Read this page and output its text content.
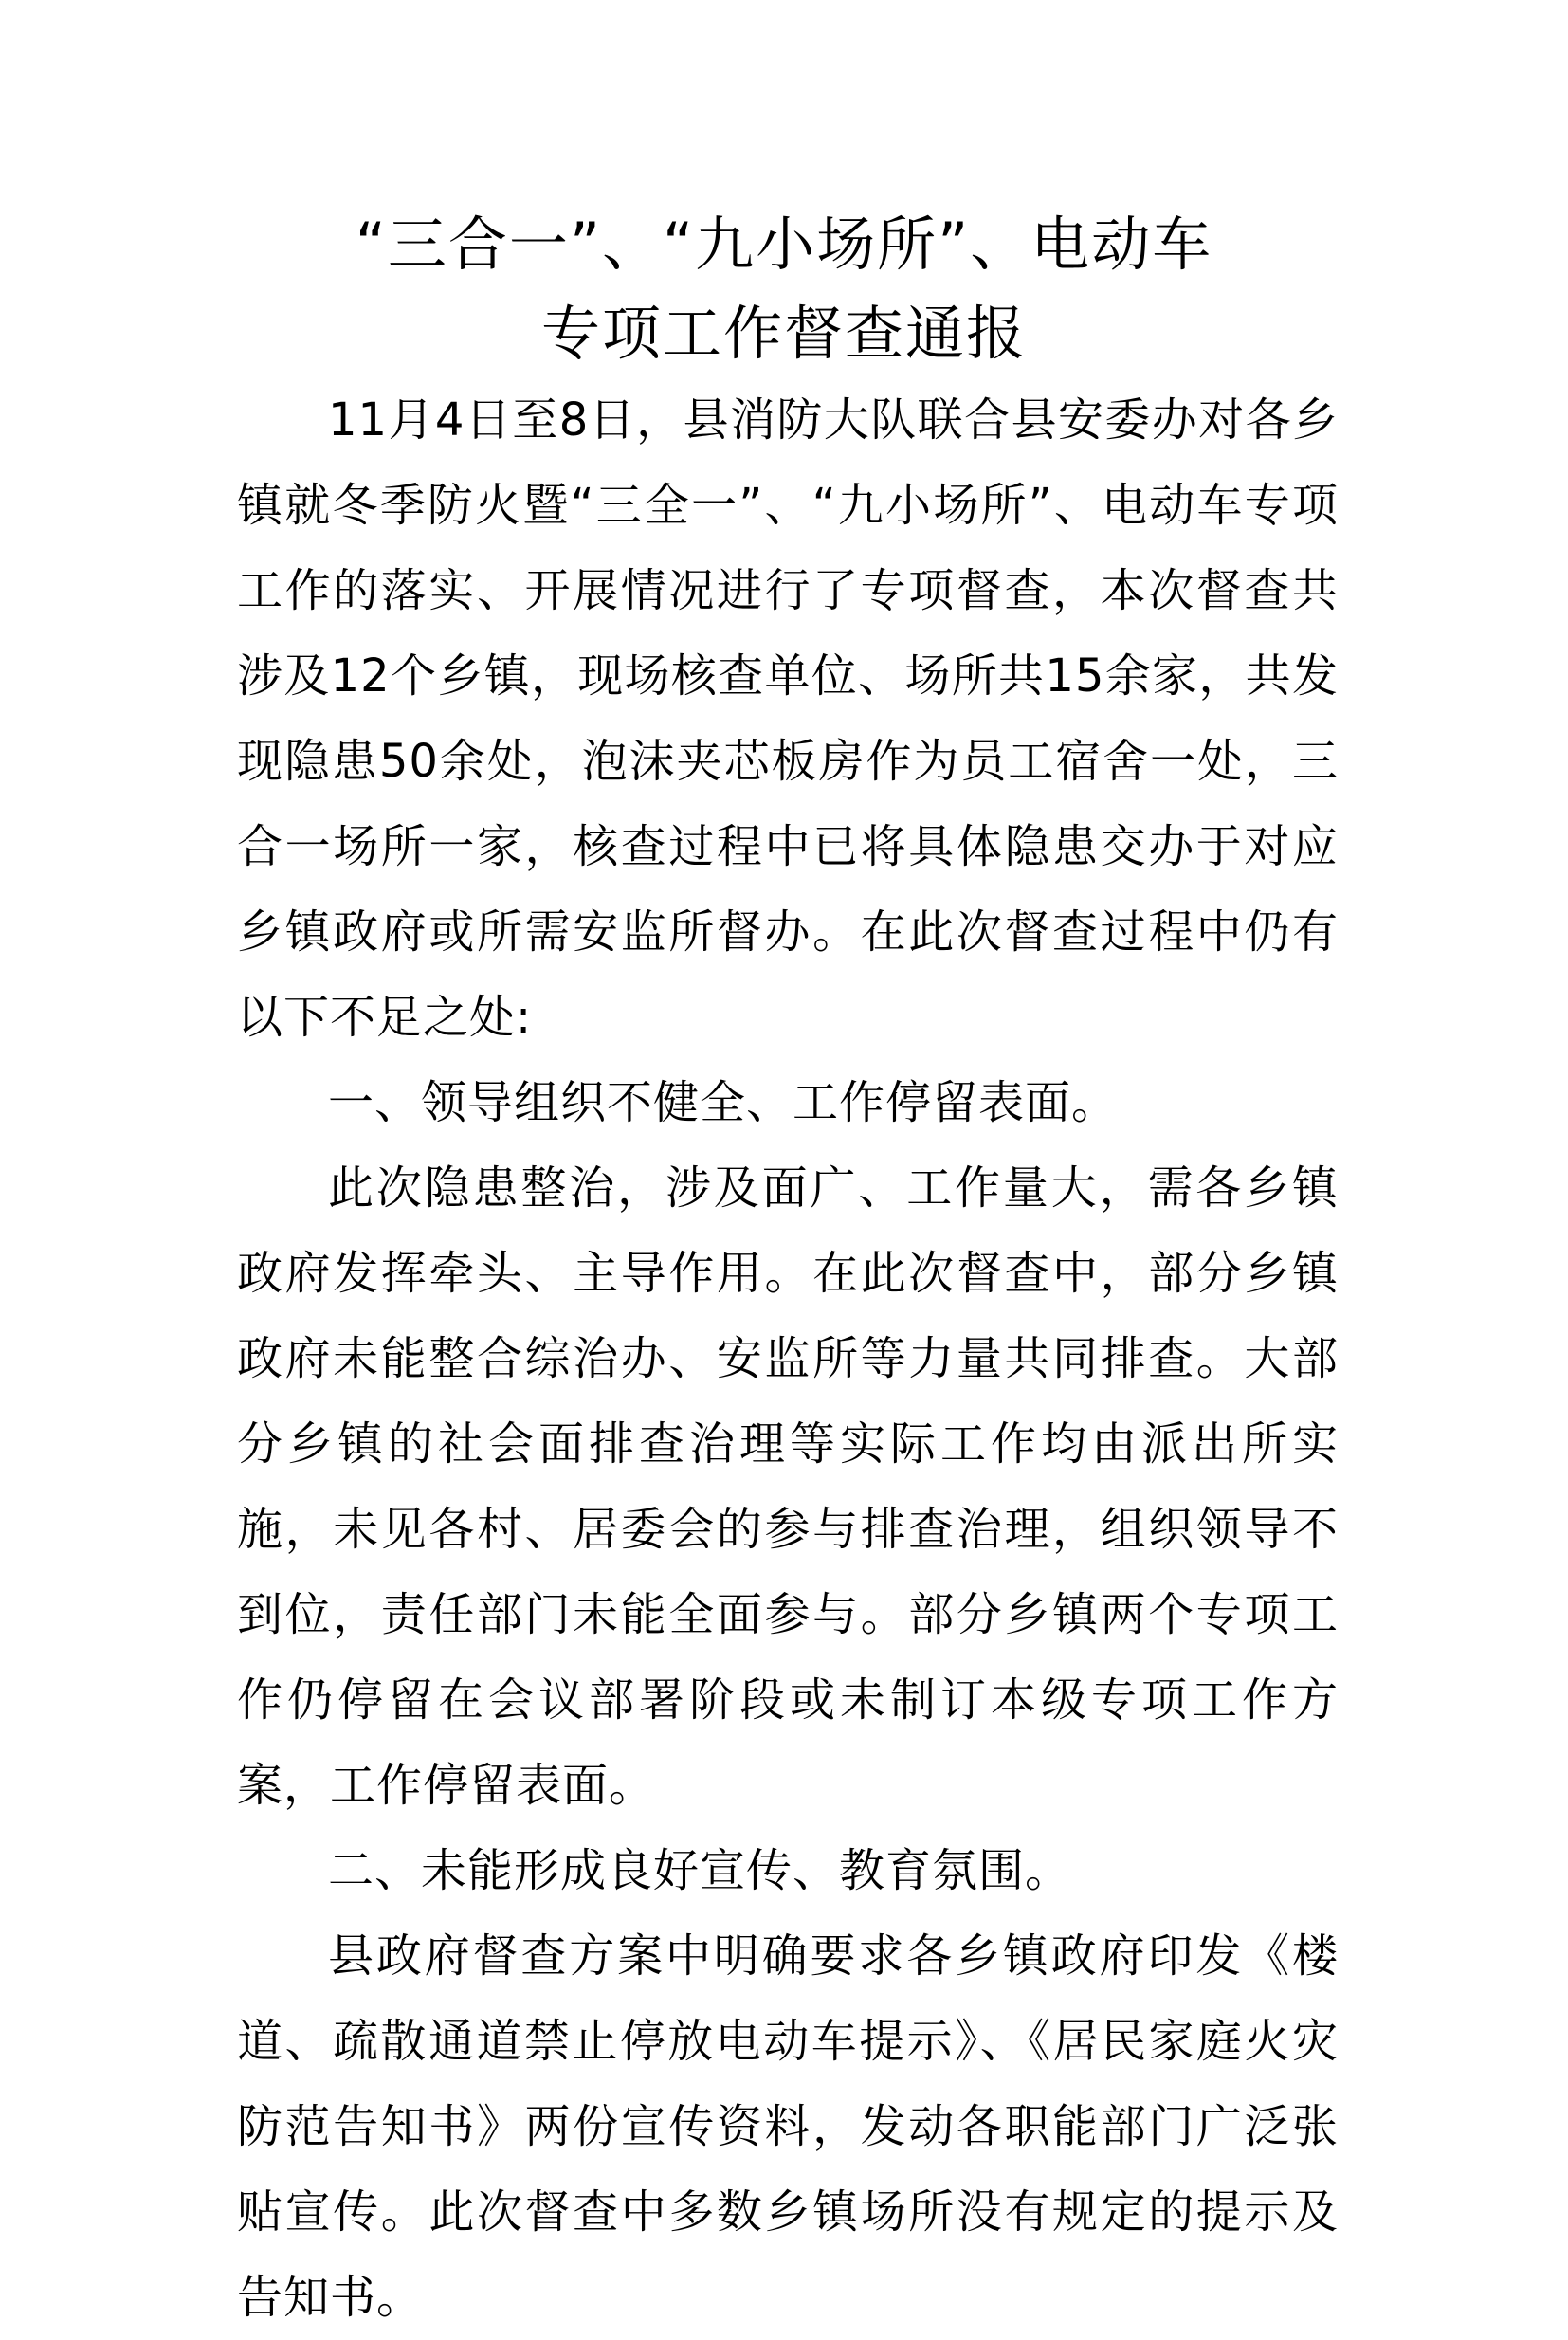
“三合一”、“九小场所”、电动车
专项工作督查通报

11月4日至8日，县消防大队联合县安委办对各乡镇就冬季防火暨“三全一”、“九小场所”、电动车专项工作的落实、开展情况进行了专项督查，本次督查共涉及12个乡镇，现场核查单位、场所共15余家，共发现隐患50余处，泡沫夹芯板房作为员工宿舍一处，三合一场所一家，核查过程中已将具体隐患交办于对应乡镇政府或所需安监所督办。在此次督查过程中仍有以下不足之处:

一、领导组织不健全、工作停留表面。

此次隐患整治，涉及面广、工作量大，需各乡镇政府发挥牵头、主导作用。在此次督查中，部分乡镇政府未能整合综治办、安监所等力量共同排查。大部分乡镇的社会面排查治理等实际工作均由派出所实施，未见各村、居委会的参与排查治理，组织领导不到位，责任部门未能全面参与。部分乡镇两个专项工作仍停留在会议部署阶段或未制订本级专项工作方案，工作停留表面。

二、未能形成良好宣传、教育氛围。

县政府督查方案中明确要求各乡镇政府印发《楼道、疏散通道禁止停放电动车提示》、《居民家庭火灾防范告知书》两份宣传资料，发动各职能部门广泛张贴宣传。此次督查中多数乡镇场所没有规定的提示及告知书。
